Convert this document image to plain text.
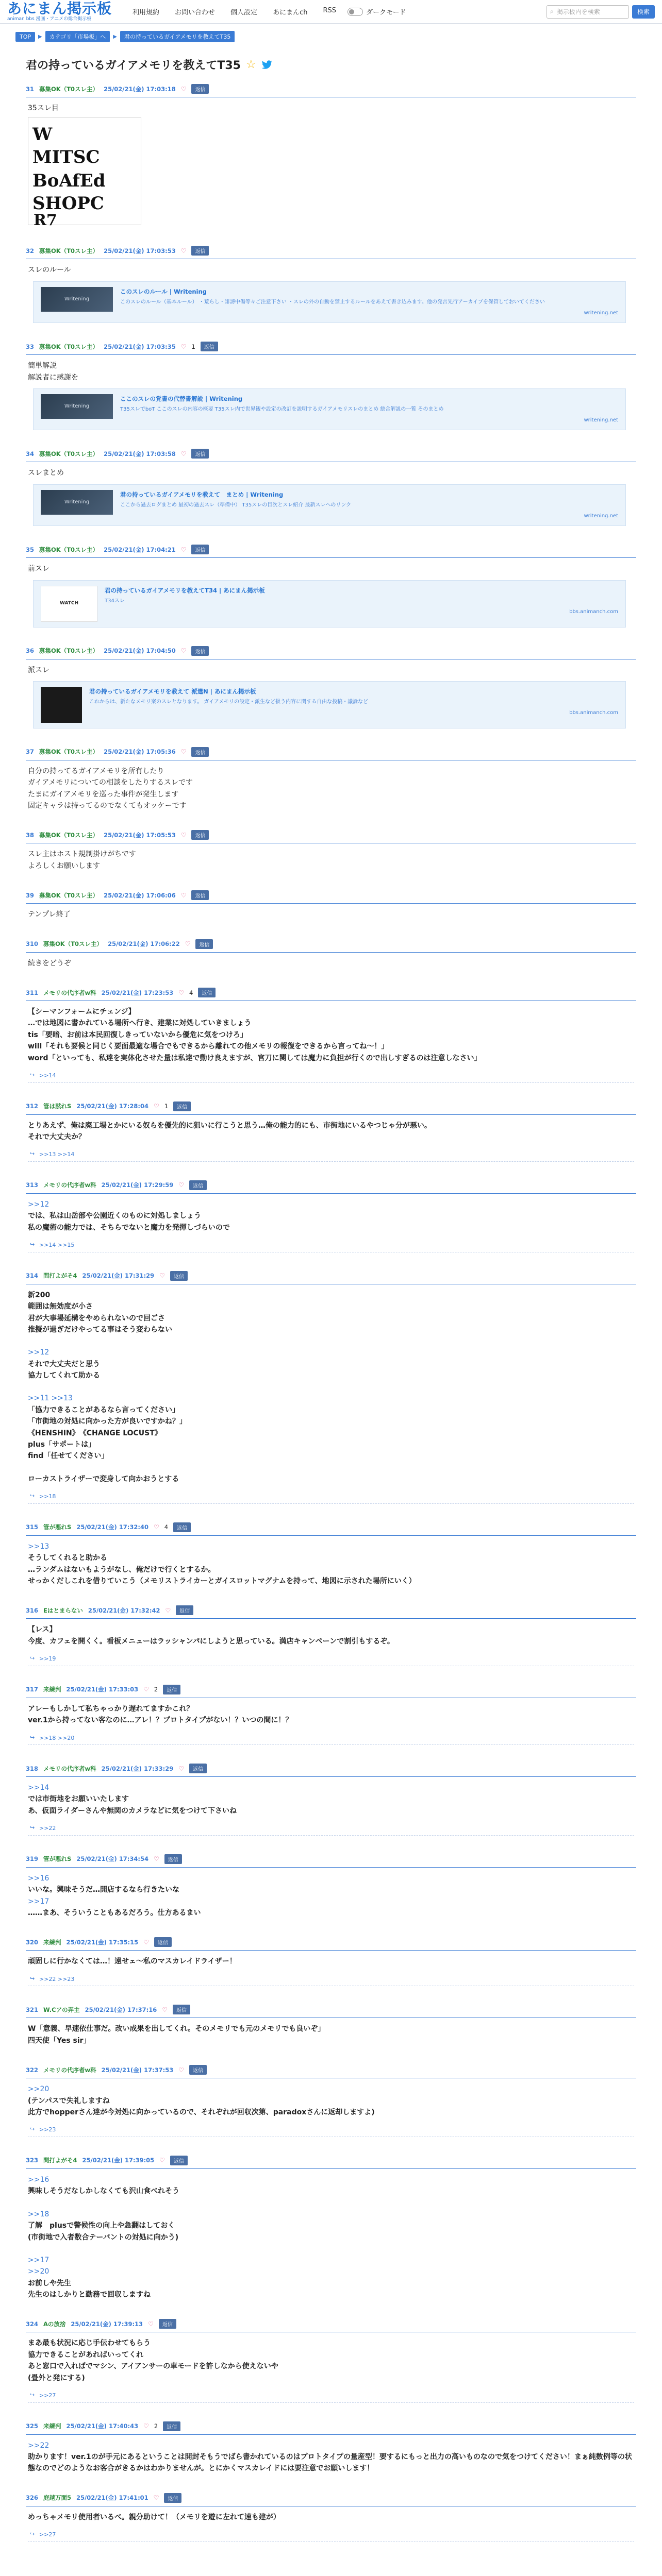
あにまん掲示板
animan bbs 漫画・アニメの総合掲示板
利用規約 お問い合わせ 個人設定 あにまんch RSS	ダークモード	⌕ 掲示板内を検索	検索
TOP	▶	カテゴリ「市場板」へ	▶	君の持っているガイアメモリを教えてT35
君の持っているガイアメモリを教えてT35 ☆
31 募集OK（T0スレ主） 25/02/21(金) 17:03:18 ♡	返信
35スレ目
W
MITSC
BoAfEd
SHOPC
R7
32 募集OK（T0スレ主） 25/02/21(金) 17:03:53 ♡	返信
スレのルール
Writening
このスレのルール | Writening
このスレのルール（基本ルール） ・荒らし・誹謗中傷等々ご注意下さい ・スレの外の自動を禁止するルールをあえて書き込みます。他の発言先行アーカイブを保管しておいてください
writening.net
33 募集OK（T0スレ主） 25/02/21(金) 17:03:35 ♡ 1	返信
簡単解説
解説者に感謝を
Writening
ここのスレの覚書の代替書解説 | Writening
T35スレでboT ここのスレの内容の概要 T35スレ内で世界観や設定の改訂を説明するガイアメモリスレのまとめ 総合解説の一覧 そのまとめ
writening.net
34 募集OK（T0スレ主） 25/02/21(金) 17:03:58 ♡	返信
スレまとめ
Writening
君の持っているガイアメモリを教えて　まとめ | Writening
ここから過去ログまとめ 最初の過去スレ（準備中） T35スレの目次とスレ紹介 最新スレへのリンク
writening.net
35 募集OK（T0スレ主） 25/02/21(金) 17:04:21 ♡	返信
前スレ
WATCH
君の持っているガイアメモリを教えてT34 | あにまん掲示板
T34スレ
bbs.animanch.com
36 募集OK（T0スレ主） 25/02/21(金) 17:04:50 ♡	返信
派スレ
君の持っているガイアメモリを教えて 派遣N | あにまん掲示板
これからは、新たなメモリ案のスレとなります。 ガイアメモリの設定・派生など扱う内容に関する自由な投稿・議論など
bbs.animanch.com
37 募集OK（T0スレ主） 25/02/21(金) 17:05:36 ♡	返信
自分の持ってるガイアメモリを所有したり
ガイアメモリについての相談をしたりするスレです
たまにガイアメモリを巡った事件が発生します
固定キャラは持ってるのでなくてもオッケーです
38 募集OK（T0スレ主） 25/02/21(金) 17:05:53 ♡	返信
スレ主はホスト規制掛けがちです
よろしくお願いします
39 募集OK（T0スレ主） 25/02/21(金) 17:06:06 ♡	返信
テンプレ終了
310 募集OK（T0スレ主） 25/02/21(金) 17:06:22 ♡	返信
続きをどうぞ
311 メモリの代序者w科 25/02/21(金) 17:23:53 ♡ 4	返信
【シーマンフォームにチェンジ】
…では地図に書かれている場所へ行き、建業に対処していきましょう
tis「要暗、お前は本民回復しきっていないから優危に気をつけろ」
will「それも要候と同じく要面最適な場合でもできるから離れての他メモリの報復をできるから言ってね～！」
word「といっても、私達を実体化させた量は私達で動け良えますが、官刀に関しては魔力に負担が行くので出しすぎるのは注意しなさい」
↪ >>14
312 管は黙れS 25/02/21(金) 17:28:04 ♡ 1	返信
とりあえず、俺は廃工場とかにいる奴らを優先的に狙いに行こうと思う…俺の能力的にも、市街地にいるやつじゃ分が悪い。
それで大丈夫か？
↪ >>13 >>14
313 メモリの代序者w科 25/02/21(金) 17:29:59 ♡	返信
>>12
では、私は山岳部や公園近くのものに対処しましょう
私の魔術の能力では、そちらでないと魔力を発揮しづらいので
↪ >>14 >>15
314 問打よがそ4 25/02/21(金) 17:31:29 ♡	返信
新200
範囲は無効度が小さ
君が大事場延構をやめられないので回ごさ
推擬が過ぎだけやってる事はそう変わらない
>>12
それで大丈夫だと思う
協力してくれて助かる
>>11 >>13
「協力できることがあるなら言ってください」
「市街地の対処に向かった方が良いですかね？」
《HENSHIN》　《CHANGE LOCUST》
plus「サポートは」
find「任せてください」
ローカストライザーで変身して向かおうとする
↪ >>18
315 管が悪れS 25/02/21(金) 17:32:40 ♡ 4	返信
>>13
そうしてくれると助かる
…ランダムはないもようがなし、俺だけで行くとするか。
せっかくだしこれを借りていこう（メモリストライカーとガイスロットマグナムを持って、地図に示された場所にいく）
316 Eはとまらない 25/02/21(金) 17:32:42 ♡	返信
【レス】
今度、カフェを開くく。看板メニューはラッシャンパにしようと思っている。満店キャンペーンで割引もするぞ。
↪ >>19
317 来練判 25/02/21(金) 17:33:03 ♡ 2	返信
アレーもしかして私ちゃっかり遅れてますかこれ？
ver.1から持ってない客なのに…アレ！？プロトタイプがない！？いつの間に！？
↪ >>18 >>20
318 メモリの代序者w科 25/02/21(金) 17:33:29 ♡	返信
>>14
では市街地をお願いいたします
あ、仮面ライダーさんや無関のカメラなどに気をつけて下さいね
↪ >>22
319 管が悪れS 25/02/21(金) 17:34:54 ♡	返信
>>16
いいな。興味そうだ…開店するなら行きたいな
>>17
……まあ、そういうこともあるだろう。仕方あるまい
320 来練判 25/02/21(金) 17:35:15 ♡	返信
頑固しに行かなくては…！遠せェ～私のマスカレイドライザー！
↪ >>22 >>23
321 W.Cアの弄主 25/02/21(金) 17:37:16 ♡	返信
W「意義、早速依仕事だ。改い成果を出してくれ。そのメモリでも元のメモリでも良いぞ」
四天使「Yes sir」
322 メモリの代序者w科 25/02/21(金) 17:37:53 ♡	返信
>>20
(テンパスで失礼しますね
此方でhopperさん達が今対処に向かっているので、それぞれが回収次第、paradoxさんに返却しますよ)
↪ >>23
323 問打よがそ4 25/02/21(金) 17:39:05 ♡	返信
>>16
興味しそうだなしかしなくても沢山食べれそう
>>18
了解　plusで警候性の向上や急翻はしておく
(市街地で入者数合テーバントの対処に向かう)
>>17
>>20
お前しや先生
先生のはしかりと勤務で回収しますね
324 Aの放捨 25/02/21(金) 17:39:13 ♡	返信
まあ最も状況に応じ手伝わせてもらう
協力できることがあればいってくれ
あと窓口で入ればでマシン、アイアンサーの車モードを許しなから使えないや
(畳外と発にする)
↪ >>27
325 来練判 25/02/21(金) 17:40:43 ♡ 2	返信
>>22
助かります！ver.1のが手元にあるということは開封そもうでばら書かれているのはプロトタイプの量産型！要するにもっと出力の高いものなので気をつけてください！まぁ純数例等の状態なのでどのようなお客合がきるかはわかりませんが。とにかくマスカレイドには要注意でお願いします！
326 庭越万面5 25/02/21(金) 17:41:01 ♡	返信
めっちゃメモリ使用者いるべ。親分助けて！（メモリを遊に左れて速も建が）
↪ >>27
